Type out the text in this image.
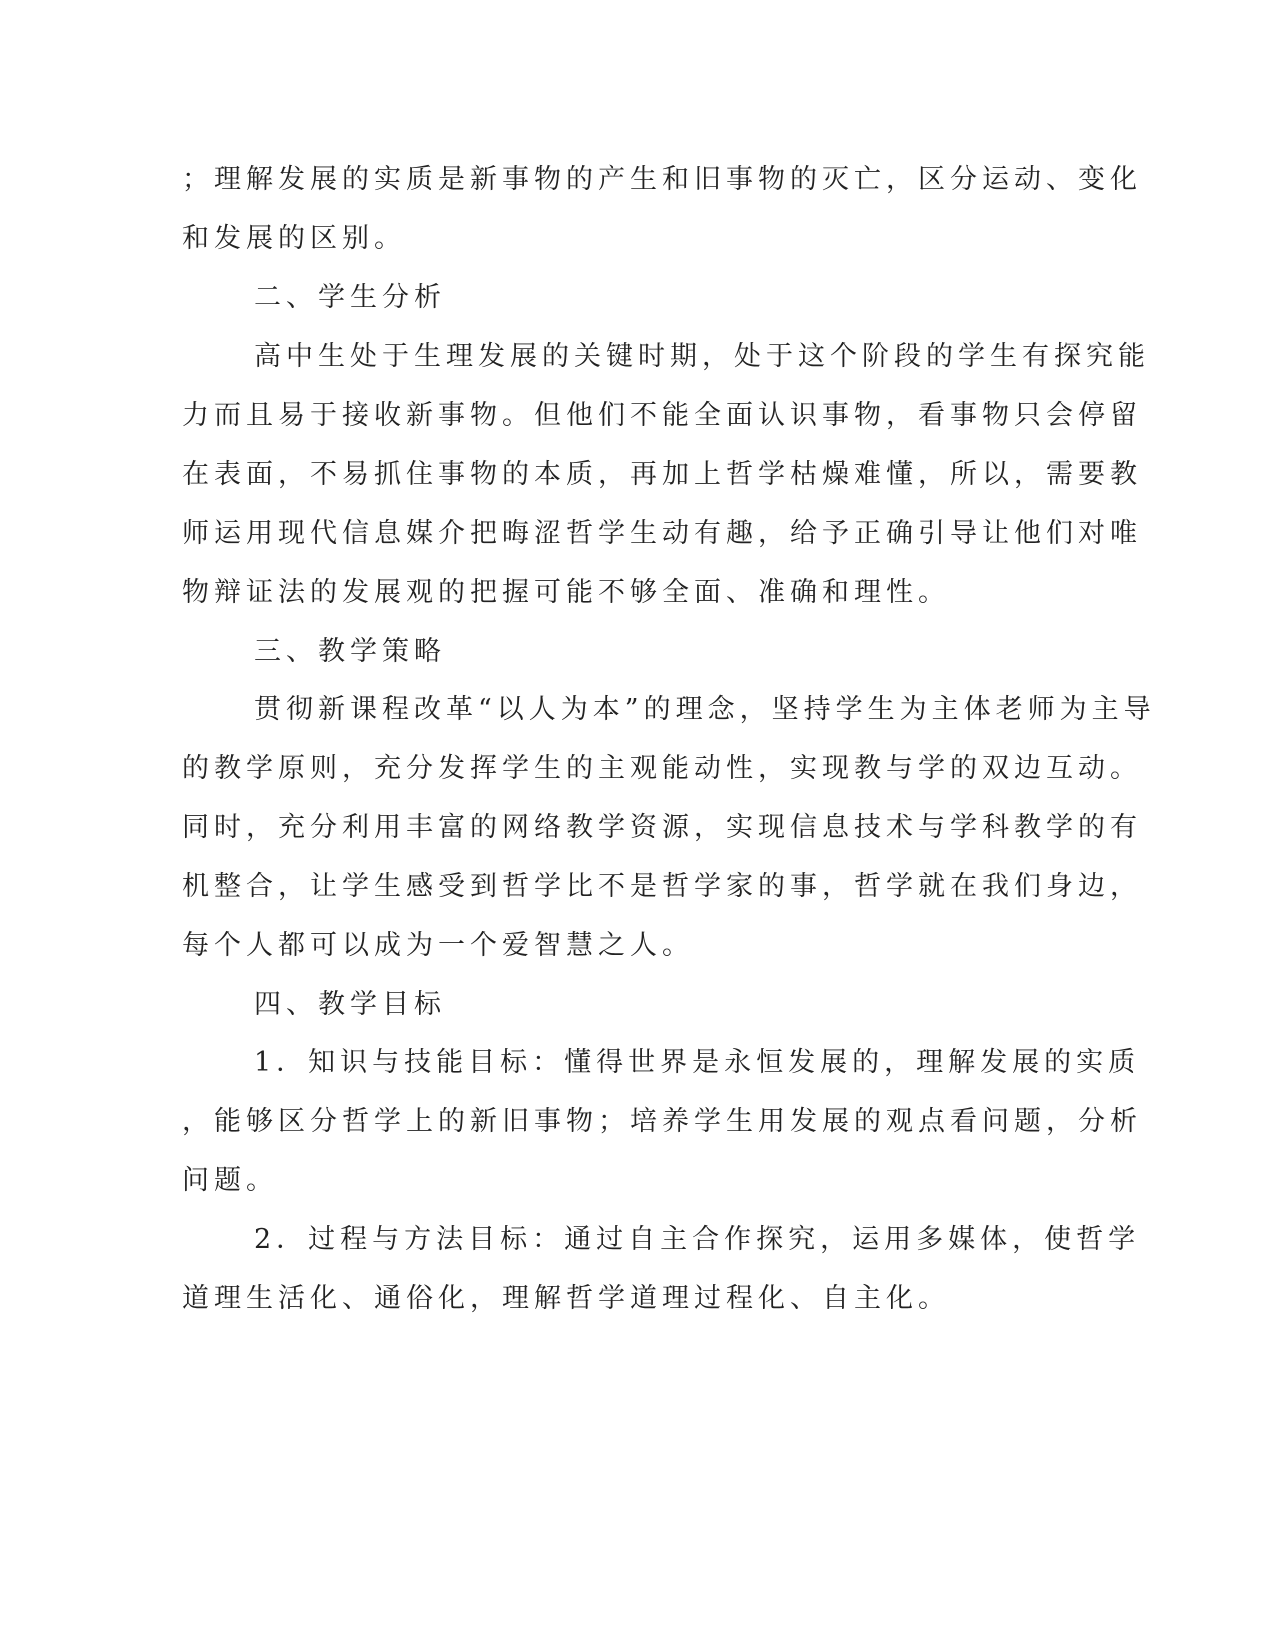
；理解发展的实质是新事物的产生和旧事物的灭亡，区分运动、变化
和发展的区别。
二、学生分析
高中生处于生理发展的关键时期，处于这个阶段的学生有探究能
力而且易于接收新事物。但他们不能全面认识事物，看事物只会停留
在表面，不易抓住事物的本质，再加上哲学枯燥难懂，所以，需要教
师运用现代信息媒介把晦涩哲学生动有趣，给予正确引导让他们对唯
物辩证法的发展观的把握可能不够全面、准确和理性。
三、教学策略
贯彻新课程改革“以人为本”的理念，坚持学生为主体老师为主导
的教学原则，充分发挥学生的主观能动性，实现教与学的双边互动。
同时，充分利用丰富的网络教学资源，实现信息技术与学科教学的有
机整合，让学生感受到哲学比不是哲学家的事，哲学就在我们身边，
每个人都可以成为一个爱智慧之人。
四、教学目标
1．知识与技能目标：懂得世界是永恒发展的，理解发展的实质
，能够区分哲学上的新旧事物；培养学生用发展的观点看问题，分析
问题。
2．过程与方法目标：通过自主合作探究，运用多媒体，使哲学
道理生活化、通俗化，理解哲学道理过程化、自主化。
